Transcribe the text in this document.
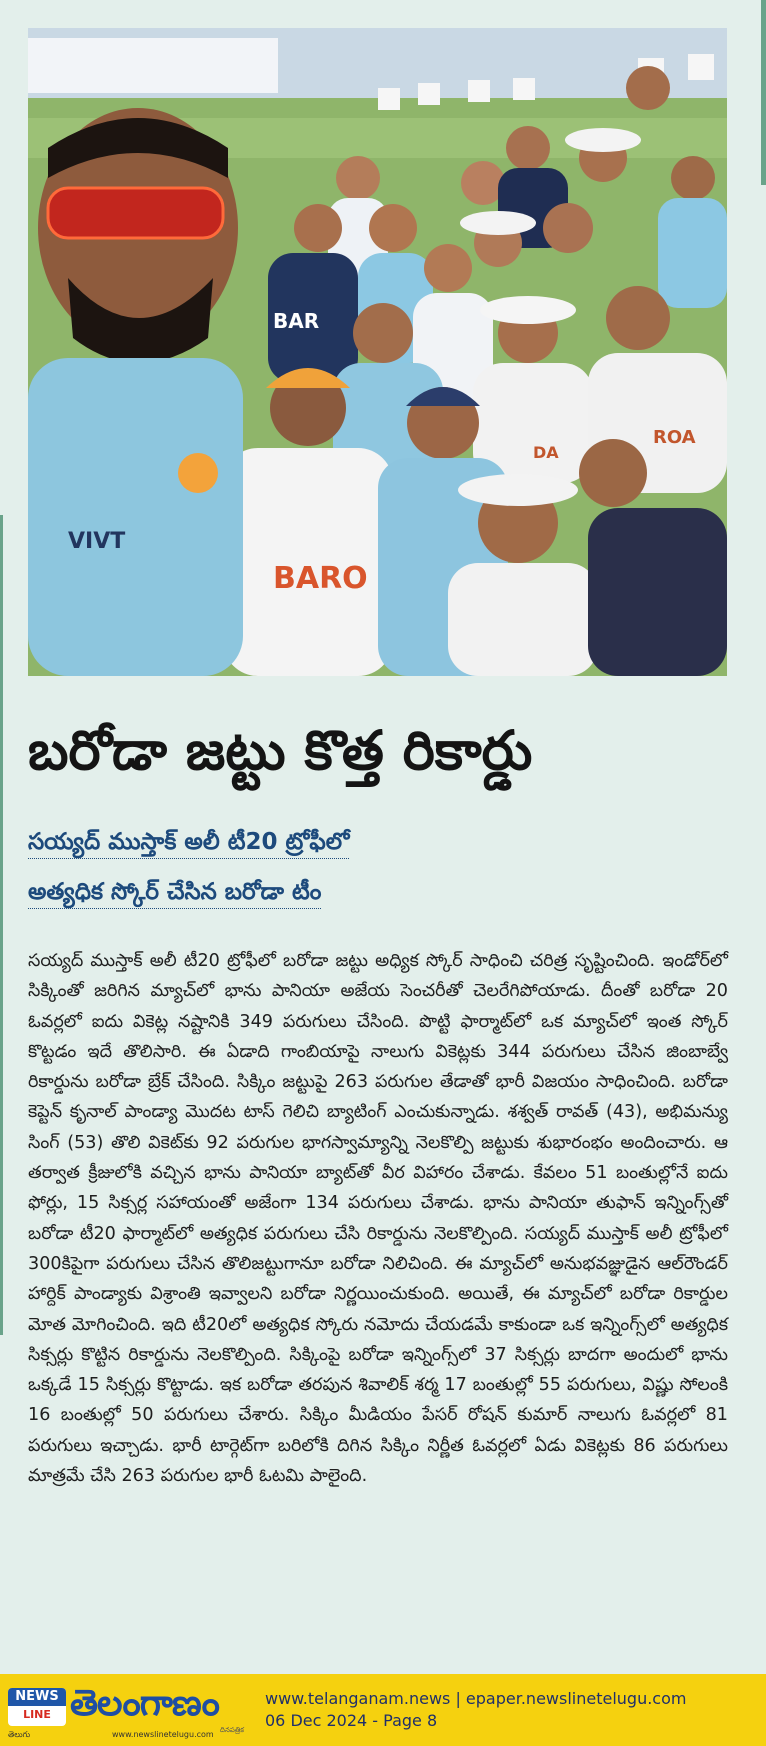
BARO
ROA
DA
BAR
VIVT
బరోడా జట్టు కొత్త రికార్డు
సయ్యద్ ముస్తాక్ అలీ టీ20 ట్రోఫీలో
అత్యధిక స్కోర్ చేసిన బరోడా టీం

సయ్యద్ ముస్తాక్ అలీ టీ20 ట్రోఫీలో బరోడా జట్టు అధ్యిక స్కోర్ సాధించి చరిత్ర సృష్టించింది. ఇండోర్‌లో సిక్కింతో జరిగిన మ్యాచ్‌లో భాను పానియా అజేయ సెంచరీతో చెలరేగిపోయాడు. దీంతో బరోడా 20 ఓవర్లలో ఐదు వికెట్ల నష్టానికి 349 పరుగులు చేసింది. పొట్టి ఫార్మాట్‌లో ఒక మ్యాచ్‌లో ఇంత స్కోర్ కొట్టడం ఇదే తొలిసారి. ఈ ఏడాది గాంబియాపై నాలుగు వికెట్లకు 344 పరుగులు చేసిన జింబాబ్వే రికార్డును బరోడా బ్రేక్ చేసింది. సిక్కిం జట్టుపై 263 పరుగుల తేడాతో భారీ విజయం సాధించింది. బరోడా కెప్టెన్ కృనాల్ పాండ్యా మొదట టాస్ గెలిచి బ్యాటింగ్ ఎంచుకున్నాడు. శశ్వత్ రావత్ (43), అభిమన్యు సింగ్ (53) తొలి వికెట్‌కు 92 పరుగుల భాగస్వామ్యాన్ని నెలకొల్పి జట్టుకు శుభారంభం అందించారు. ఆ తర్వాత క్రీజులోకి వచ్చిన భాను పానియా బ్యాట్‌తో వీర విహారం చేశాడు. కేవలం 51 బంతుల్లోనే ఐదు ఫోర్లు, 15 సిక్సర్ల సహాయంతో అజేంగా 134 పరుగులు చేశాడు. భాను పానియా తుఫాన్ ఇన్నింగ్స్‌తో బరోడా టీ20 ఫార్మాట్‌లో అత్యధిక పరుగులు చేసి రికార్డును నెలకొల్పింది. సయ్యద్ ముస్తాక్ అలీ ట్రోఫీలో 300కిపైగా పరుగులు చేసిన తొలిజట్టుగానూ బరోడా నిలిచింది. ఈ మ్యాచ్‌లో అనుభవజ్ఞుడైన ఆల్‌రౌండర్ హార్దిక్ పాండ్యాకు విశ్రాంతి ఇవ్వాలని బరోడా నిర్ణయించుకుంది. అయితే, ఈ మ్యాచ్‌లో బరోడా రికార్డుల మోత మోగించింది. ఇది టీ20లో అత్యధిక స్కోరు నమోదు చేయడమే కాకుండా ఒక ఇన్నింగ్స్‌లో అత్యధిక సిక్సర్లు కొట్టిన రికార్డును నెలకొల్పింది. సిక్కింపై బరోడా ఇన్నింగ్స్‌లో 37 సిక్సర్లు బాదగా అందులో భాను ఒక్కడే 15 సిక్సర్లు కొట్టాడు. ఇక బరోడా తరపున శివాలిక్ శర్మ 17 బంతుల్లో 55 పరుగులు, విష్ణు సోలంకి 16 బంతుల్లో 50 పరుగులు చేశారు. సిక్కిం మీడియం పేసర్ రోషన్ కుమార్ నాలుగు ఓవర్లలో 81 పరుగులు ఇచ్చాడు. భారీ టార్గెట్‌గా బరిలోకి దిగిన సిక్కిం నిర్ణీత ఓవర్లలో ఏడు వికెట్లకు 86 పరుగులు మాత్రమే చేసి 263 పరుగుల భారీ ఓటమి పాలైంది.

NEWS
LINE
తెలుగు
తెలంగాణం
www.newslinetelugu.com దినపత్రిక
www.telanganam.news | epaper.newslinetelugu.com
06 Dec 2024 - Page 8
